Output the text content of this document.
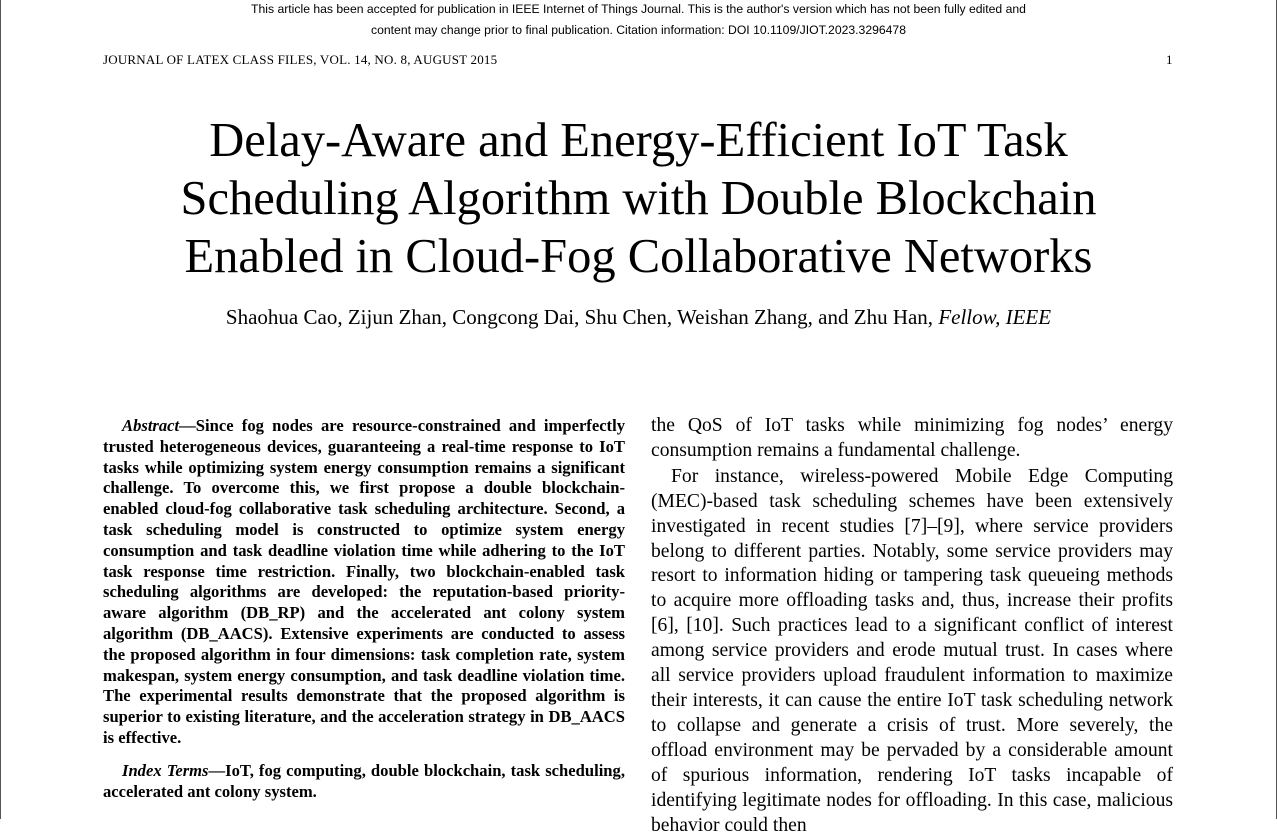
This article has been accepted for publication in IEEE Internet of Things Journal. This is the author's version which has not been fully edited and
content may change prior to final publication. Citation information: DOI 10.1109/JIOT.2023.3296478
JOURNAL OF LATEX CLASS FILES, VOL. 14, NO. 8, AUGUST 2015	1
Delay-Aware and Energy-Efficient IoT Task
Scheduling Algorithm with Double Blockchain
Enabled in Cloud-Fog Collaborative Networks
Shaohua Cao, Zijun Zhan, Congcong Dai, Shu Chen, Weishan Zhang, and Zhu Han, Fellow, IEEE

Abstract—Since fog nodes are resource-constrained and imperfectly trusted heterogeneous devices, guaranteeing a real-time response to IoT tasks while optimizing system energy consumption remains a significant challenge. To overcome this, we first propose a double blockchain-enabled cloud-fog collaborative task scheduling architecture. Second, a task scheduling model is constructed to optimize system energy consumption and task deadline violation time while adhering to the IoT task response time restriction. Finally, two blockchain-enabled task scheduling algorithms are developed: the reputation-based priority-aware algorithm (DB_RP) and the accelerated ant colony system algorithm (DB_AACS). Extensive experiments are conducted to assess the proposed algorithm in four dimensions: task completion rate, system makespan, system energy consumption, and task deadline violation time. The experimental results demonstrate that the proposed algorithm is superior to existing literature, and the acceleration strategy in DB_AACS is effective.

Index Terms—IoT, fog computing, double blockchain, task scheduling, accelerated ant colony system.

the QoS of IoT tasks while minimizing fog nodes’ energy consumption remains a fundamental challenge.

For instance, wireless-powered Mobile Edge Computing (MEC)-based task scheduling schemes have been extensively investigated in recent studies [7]–[9], where service providers belong to different parties. Notably, some service providers may resort to information hiding or tampering task queueing methods to acquire more offloading tasks and, thus, increase their profits [6], [10]. Such practices lead to a significant conflict of interest among service providers and erode mutual trust. In cases where all service providers upload fraudulent information to maximize their interests, it can cause the entire IoT task scheduling network to collapse and generate a crisis of trust. More severely, the offload environment may be pervaded by a considerable amount of spurious information, rendering IoT tasks incapable of identifying legitimate nodes for offloading. In this case, malicious behavior could then
